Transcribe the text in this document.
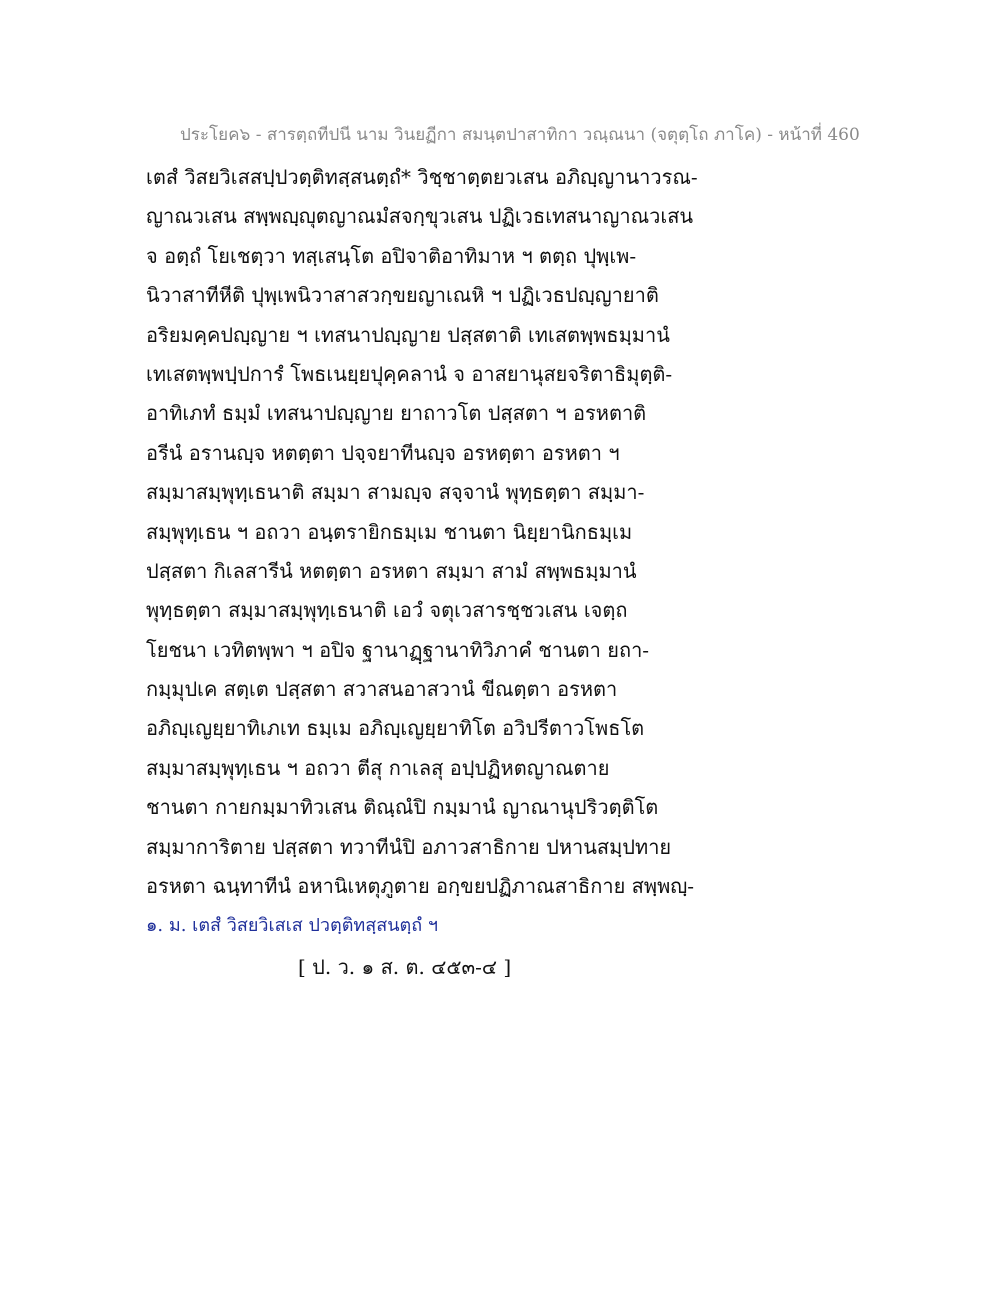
ประโยค๖ - สารตฺถทีปนี นาม วินยฏีกา สมนฺตปาสาทิกา วณฺณนา (จตุตฺโถ ภาโค) - หน้าที่ 460
เตสํ วิสยวิเสสปฺปวตฺติทสฺสนตฺถํ* วิชฺชาตฺตยวเสน อภิญฺญานาวรณ-
ญาณวเสน สพฺพญฺญุตญาณมํสจกฺขุวเสน ปฏิเวธเทสนาญาณวเสน
จ อตฺถํ โยเชตฺวา ทสฺเสนฺโต อปิจาติอาทิมาห ฯ ตตฺถ ปุพฺเพ-
นิวาสาทีหีติ ปุพฺเพนิวาสาสวกฺขยญาเณหิ ฯ ปฏิเวธปญฺญายาติ
อริยมคฺคปญฺญาย ฯ เทสนาปญฺญาย ปสฺสตาติ เทเสตพฺพธมฺมานํ
เทเสตพฺพปฺปการํ โพธเนยฺยปุคฺคลานํ จ อาสยานุสยจริตาธิมุตฺติ-
อาทิเภทํ ธมฺมํ เทสนาปญฺญาย ยาถาวโต ปสฺสตา ฯ อรหตาติ
อรีนํ อรานญฺจ หตตฺตา ปจฺจยาทีนญฺจ อรหตฺตา อรหตา ฯ
สมฺมาสมฺพุทฺเธนาติ สมฺมา สามญฺจ สจฺจานํ พุทฺธตฺตา สมฺมา-
สมฺพุทฺเธน ฯ อถวา อนฺตรายิกธมฺเม ชานตา นิยฺยานิกธมฺเม
ปสฺสตา กิเลสารีนํ หตตฺตา อรหตา สมฺมา สามํ สพฺพธมฺมานํ
พุทฺธตฺตา สมฺมาสมฺพุทฺเธนาติ เอวํ จตุเวสารชฺชวเสน เจตฺถ
โยชนา เวทิตพฺพา ฯ อปิจ ฐานาฏฺฐานาทิวิภาคํ ชานตา ยถา-
กมฺมุปเค สตฺเต ปสฺสตา สวาสนอาสวานํ ขีณตฺตา อรหตา
อภิญฺเญยฺยาทิเภเท ธมฺเม อภิญฺเญยฺยาทิโต อวิปรีตาวโพธโต
สมฺมาสมฺพุทฺเธน ฯ อถวา ตีสุ กาเลสุ อปฺปฏิหตญาณตาย
ชานตา กายกมฺมาทิวเสน ติณฺณํปิ กมฺมานํ ญาณานุปริวตฺติโต
สมฺมาการิตาย ปสฺสตา ทวาทีนํปิ อภาวสาธิกาย ปหานสมฺปทาย
อรหตา ฉนฺทาทีนํ อหานิเหตุภูตาย อกฺขยปฏิภาณสาธิกาย สพฺพญฺ-
๑. ม. เตสํ วิสยวิเสเส ปวตฺติทสฺสนตฺถํ ฯ
[ ป. ว. ๑ ส. ต. ๔๕๓-๔ ]
